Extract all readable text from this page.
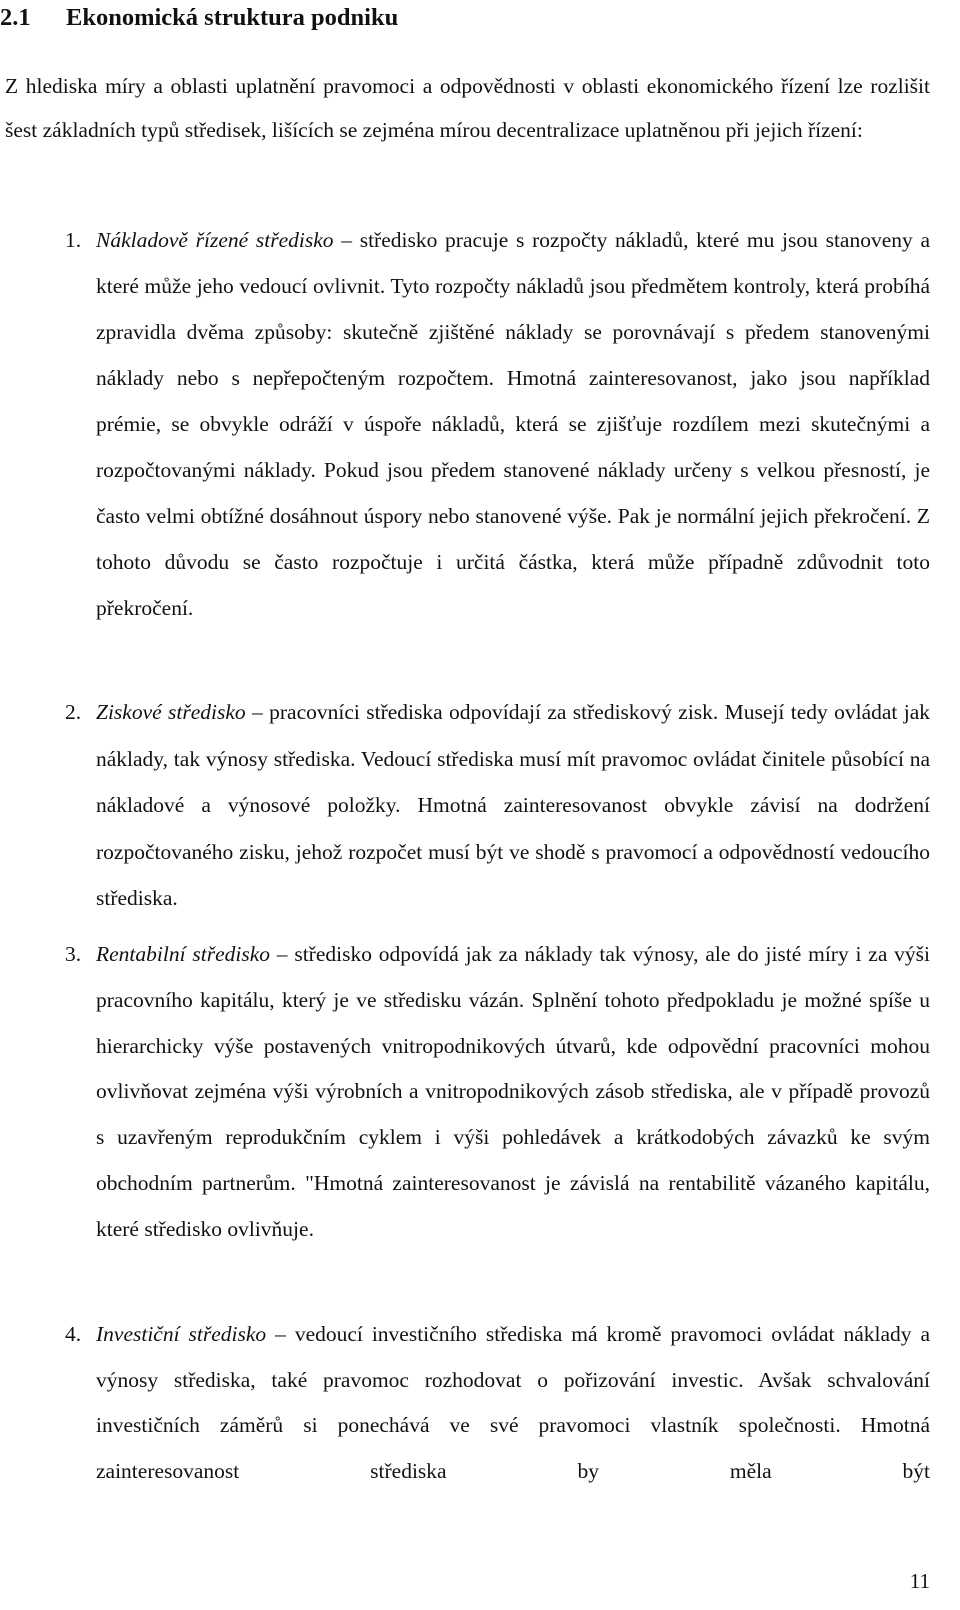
2.1 Ekonomická struktura podniku

Z hlediska míry a oblasti uplatnění pravomoci a odpovědnosti v oblasti ekonomického řízení lze rozlišit šest základních typů středisek, lišících se zejména mírou decentralizace uplatněnou při jejich řízení:

1. Nákladově řízené středisko – středisko pracuje s rozpočty nákladů, které mu jsou stanoveny a které může jeho vedoucí ovlivnit. Tyto rozpočty nákladů jsou předmětem kontroly, která probíhá zpravidla dvěma způsoby: skutečně zjištěné náklady se porovnávají s předem stanovenými náklady nebo s nepřepočteným rozpočtem. Hmotná zainteresovanost, jako jsou například prémie, se obvykle odráží v úspoře nákladů, která se zjišťuje rozdílem mezi skutečnými a rozpočtovanými náklady. Pokud jsou předem stanovené náklady určeny s velkou přesností, je často velmi obtížné dosáhnout úspory nebo stanovené výše. Pak je normální jejich překročení. Z tohoto důvodu se často rozpočtuje i určitá částka, která může případně zdůvodnit toto překročení.
2. Ziskové středisko – pracovníci střediska odpovídají za střediskový zisk. Musejí tedy ovládat jak náklady, tak výnosy střediska. Vedoucí střediska musí mít pravomoc ovládat činitele působící na nákladové a výnosové položky. Hmotná zainteresovanost obvykle závisí na dodržení rozpočtovaného zisku, jehož rozpočet musí být ve shodě s pravomocí a odpovědností vedoucího střediska.
3. Rentabilní středisko – středisko odpovídá jak za náklady tak výnosy, ale do jisté míry i za výši pracovního kapitálu, který je ve středisku vázán. Splnění tohoto předpokladu je možné spíše u hierarchicky výše postavených vnitropodnikových útvarů, kde odpovědní pracovníci mohou ovlivňovat zejména výši výrobních a vnitropodnikových zásob střediska, ale v případě provozů s uzavřeným reprodukčním cyklem i výši pohledávek a krátkodobých závazků ke svým obchodním partnerům. "Hmotná zainteresovanost je závislá na rentabilitě vázaného kapitálu, které středisko ovlivňuje.
4. Investiční středisko – vedoucí investičního střediska má kromě pravomoci ovládat náklady a výnosy střediska, také pravomoc rozhodovat o pořizování investic. Avšak schvalování investičních záměrů si ponechává ve své pravomoci vlastník společnosti. Hmotná zainteresovanost střediska by měla být
11
